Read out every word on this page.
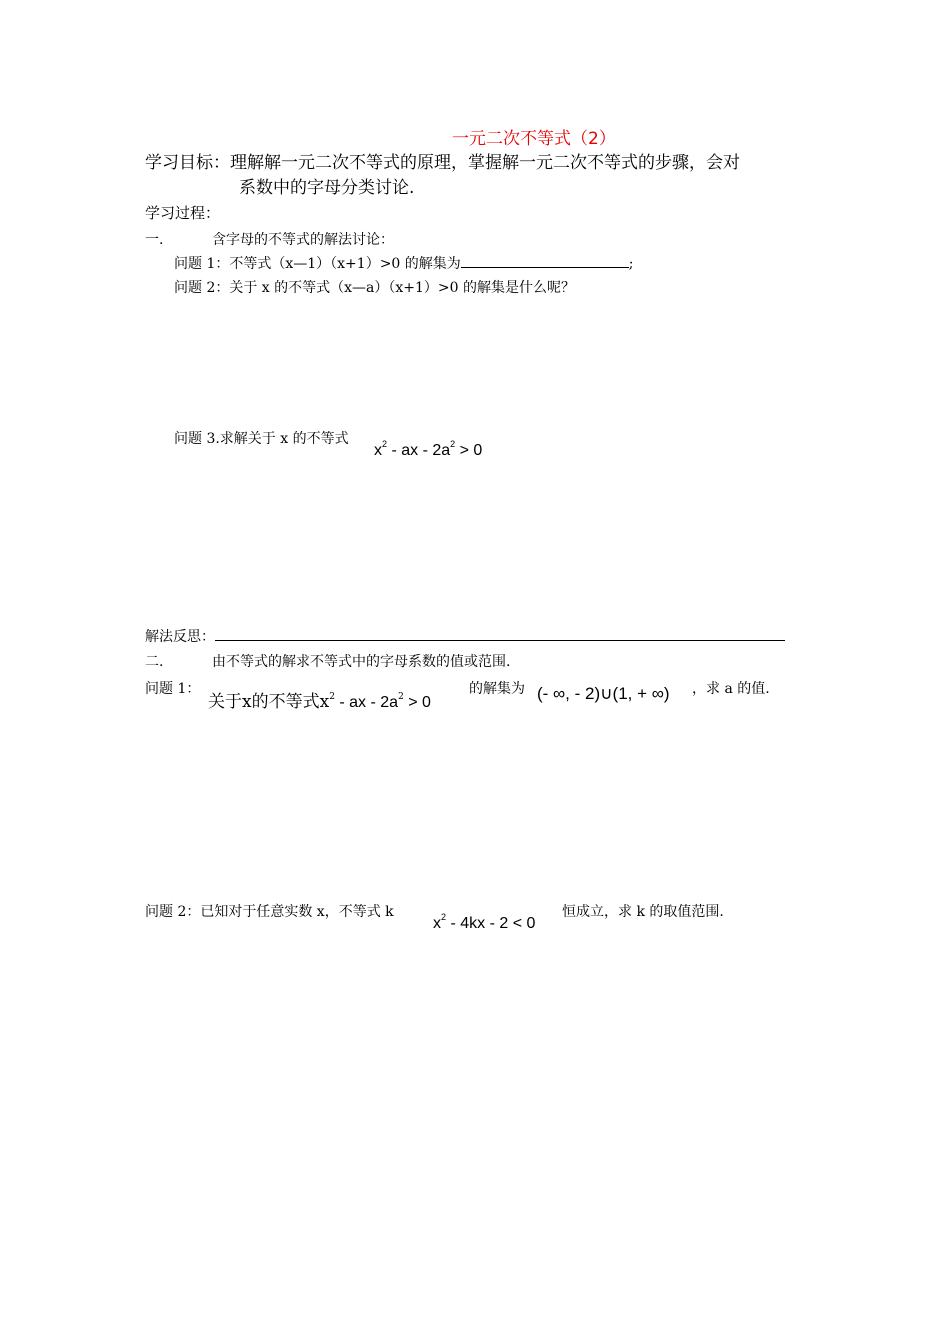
一元二次不等式（2）
学习目标：理解解一元二次不等式的原理，掌握解一元二次不等式的步骤，会对
系数中的字母分类讨论.
学习过程：
一.	含字母的不等式的解法讨论：
问题 1：不等式（x—1）（x+1）>0 的解集为	;
问题 2：关于 x 的不等式（x—a）（x+1）>0 的解集是什么呢？
问题 3.求解关于 x 的不等式
$x^2$ - ax - $2a^2 > 0$
解法反思：
二.	由不等式的解求不等式中的字母系数的值或范围.
问题 1：
关于x的不等式$x^2$ - ax - $2a^2 > 0$
的解集为 (- ∞, - 2)∪(1, + ∞) ，求 a 的值.
问题 2：已知对于任意实数 x，不等式 k
$x^2 - 4kx - 2 < 0$
恒成立，求 k 的取值范围.
